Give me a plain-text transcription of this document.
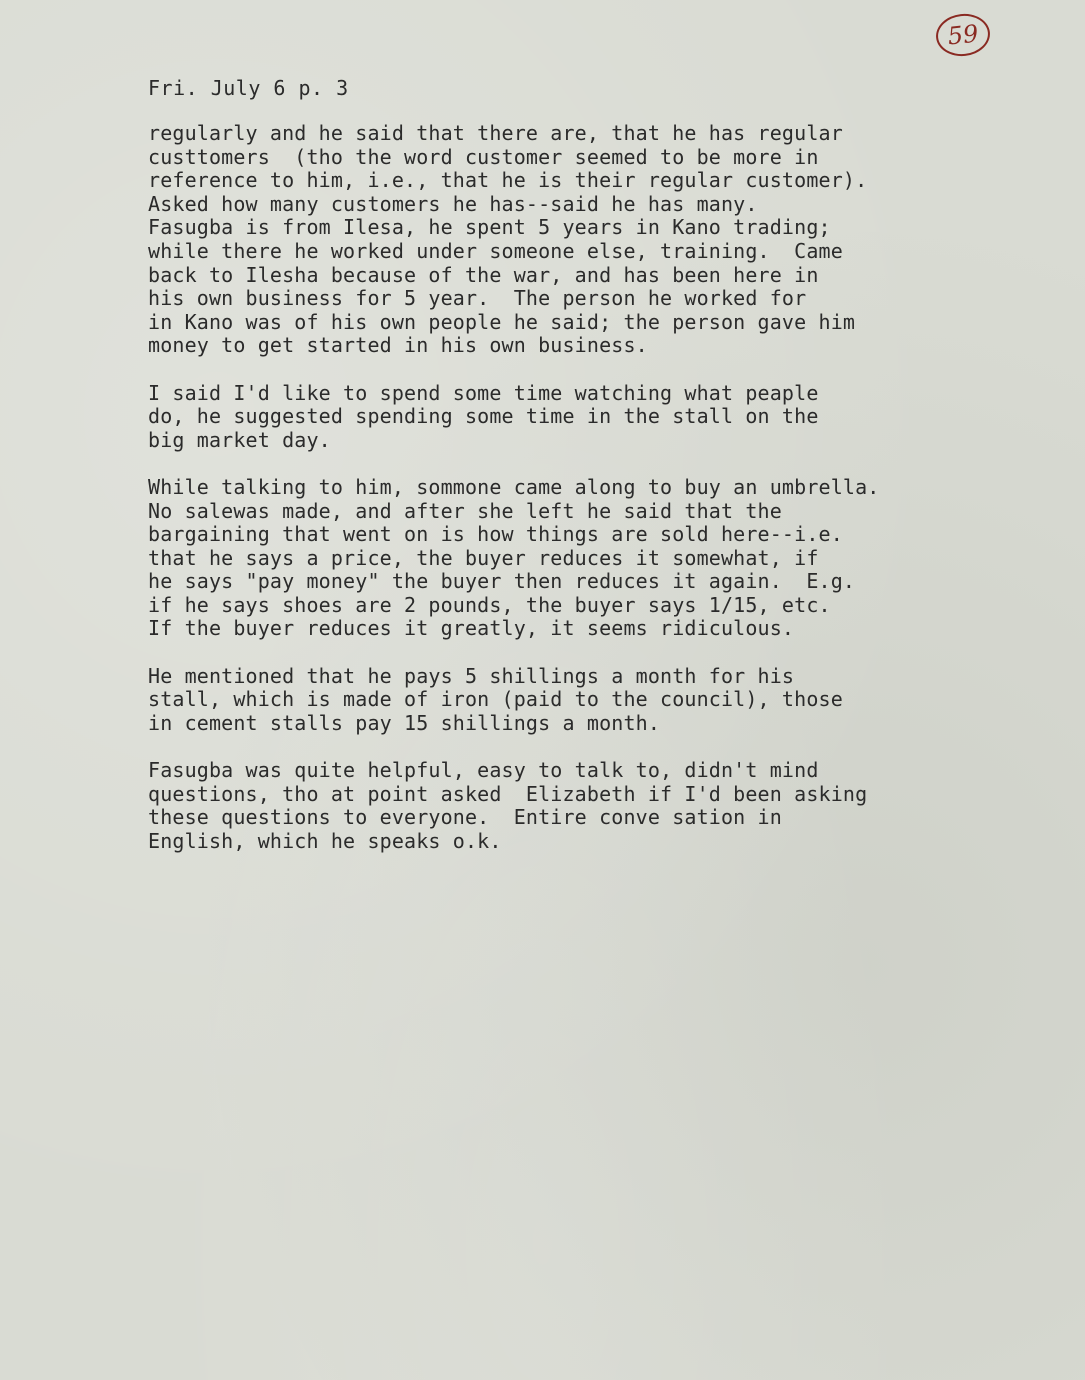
59
Fri. July 6 p. 3
regularly and he said that there are, that he has regular
custtomers  (tho the word customer seemed to be more in
reference to him, i.e., that he is their regular customer).
Asked how many customers he has--said he has many.
Fasugba is from Ilesa, he spent 5 years in Kano trading;
while there he worked under someone else, training.  Came
back to Ilesha because of the war, and has been here in
his own business for 5 year.  The person he worked for
in Kano was of his own people he said; the person gave him
money to get started in his own business.
I said I'd like to spend some time watching what peaple
do, he suggested spending some time in the stall on the
big market day.
While talking to him, sommone came along to buy an umbrella.
No salewas made, and after she left he said that the
bargaining that went on is how things are sold here--i.e.
that he says a price, the buyer reduces it somewhat, if
he says "pay money" the buyer then reduces it again.  E.g.
if he says shoes are 2 pounds, the buyer says 1/15, etc.
If the buyer reduces it greatly, it seems ridiculous.
He mentioned that he pays 5 shillings a month for his
stall, which is made of iron (paid to the council), those
in cement stalls pay 15 shillings a month.
Fasugba was quite helpful, easy to talk to, didn't mind
questions, tho at point asked  Elizabeth if I'd been asking
these questions to everyone.  Entire conve sation in
English, which he speaks o.k.
